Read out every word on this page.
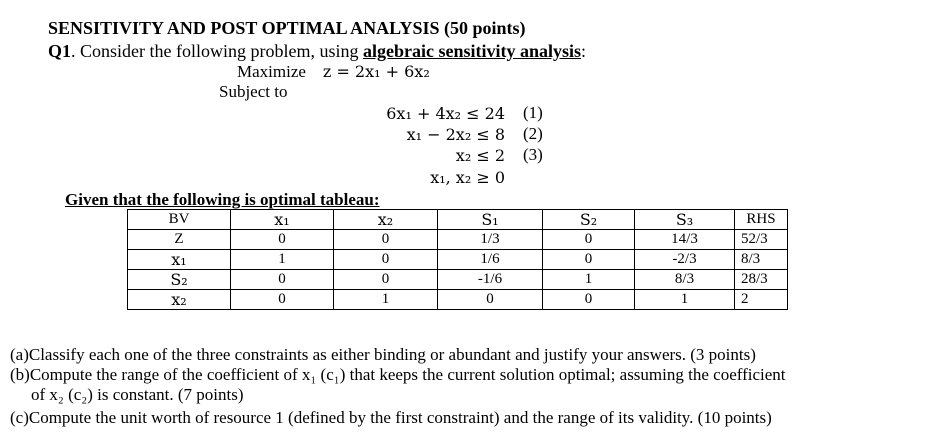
SENSITIVITY AND POST OPTIMAL ANALYSIS (50 points)
Q1. Consider the following problem, using algebraic sensitivity analysis:
Maximize z = 2x₁ + 6x₂
Subject to
6x₁ + 4x₂ ≤ 24 (1)
x₁ − 2x₂ ≤ 8 (2)
x₂ ≤ 2 (3)
x₁, x₂ ≥ 0
Given that the following is optimal tableau:
BV	x₁	x₂	S₁	S₂	S₃	RHS
Z	0	0	1/3	0	14/3	52/3
x₁	1	0	1/6	0	-2/3	8/3
S₂	0	0	-1/6	1	8/3	28/3
x₂	0	1	0	0	1	2
(a)Classify each one of the three constraints as either binding or abundant and justify your answers. (3 points)
(b)Compute the range of the coefficient of x₁ (c₁) that keeps the current solution optimal; assuming the coefficient
of x₂ (c₂) is constant. (7 points)
(c)Compute the unit worth of resource 1 (defined by the first constraint) and the range of its validity. (10 points)
